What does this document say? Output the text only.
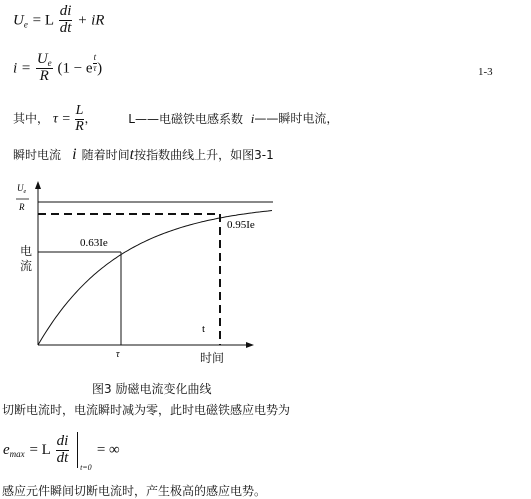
$U_e = L \frac{di}{dt}$ + iR
$i = \frac{U_e}{R} (1 - e$ $^{\frac{t}{\tau}}$ )	1-3
其中， $\tau = \frac{L}{R}$ ，	L——电磁铁电感系数 i——瞬时电流，
瞬时电流 i 随着时间t按指数曲线上升，如图3-1
$U_e$
R
0.63Ie
0.95Ie
τ
t
电
流
时间
图3 励磁电流变化曲线
切断电流时，电流瞬时减为零，此时电磁铁感应电势为
$e_{max} = L \frac{di}{dt}$

t=0
= ∞
感应元件瞬间切断电流时，产生极高的感应电势。
